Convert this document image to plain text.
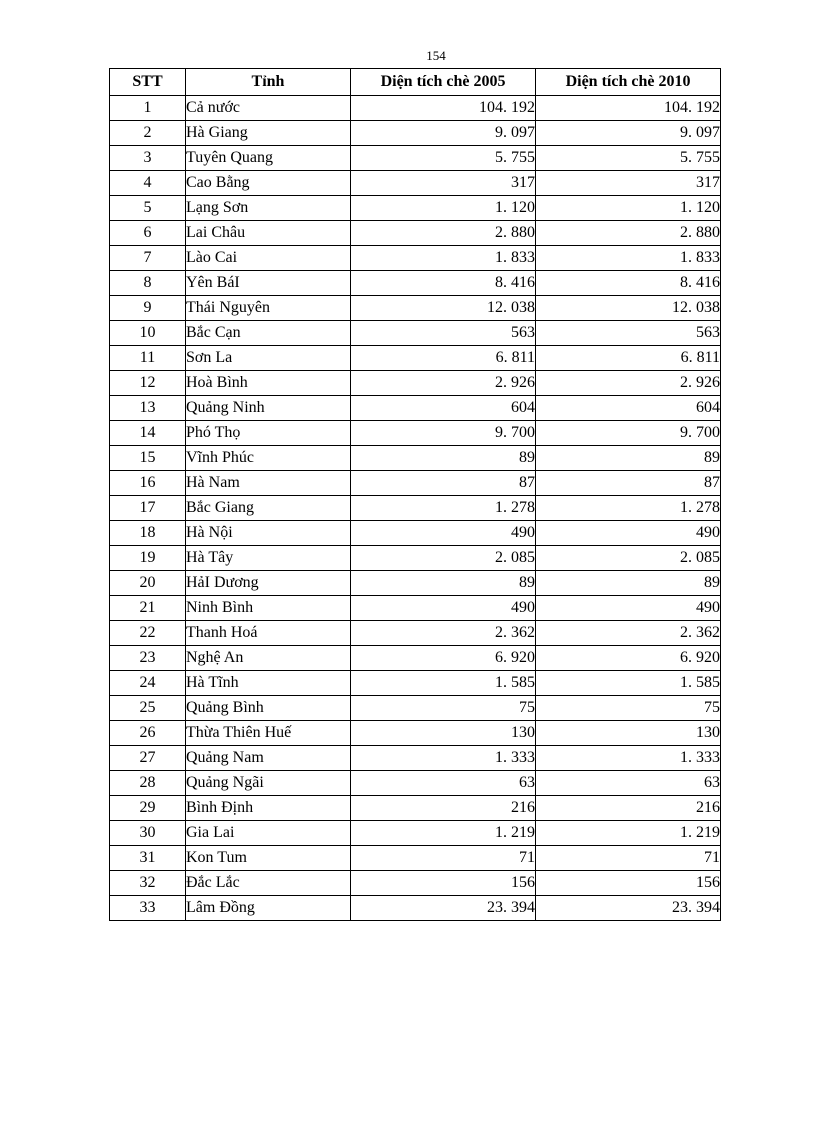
154
STT	Tỉnh	Diện tích chè 2005	Diện tích chè 2010
1	Cả nước	104. 192	104. 192
2	Hà Giang	9. 097	9. 097
3	Tuyên Quang	5. 755	5. 755
4	Cao Bằng	317	317
5	Lạng Sơn	1. 120	1. 120
6	Lai Châu	2. 880	2. 880
7	Lào Cai	1. 833	1. 833
8	Yên BáI	8. 416	8. 416
9	Thái Nguyên	12. 038	12. 038
10	Bắc Cạn	563	563
11	Sơn La	6. 811	6. 811
12	Hoà Bình	2. 926	2. 926
13	Quảng Ninh	604	604
14	Phó Thọ	9. 700	9. 700
15	Vĩnh Phúc	89	89
16	Hà Nam	87	87
17	Bắc Giang	1. 278	1. 278
18	Hà Nội	490	490
19	Hà Tây	2. 085	2. 085
20	HảI Dương	89	89
21	Ninh Bình	490	490
22	Thanh Hoá	2. 362	2. 362
23	Nghệ An	6. 920	6. 920
24	Hà Tĩnh	1. 585	1. 585
25	Quảng Bình	75	75
26	Thừa Thiên Huế	130	130
27	Quảng Nam	1. 333	1. 333
28	Quảng Ngãi	63	63
29	Bình Định	216	216
30	Gia Lai	1. 219	1. 219
31	Kon Tum	71	71
32	Đắc Lắc	156	156
33	Lâm Đồng	23. 394	23. 394
